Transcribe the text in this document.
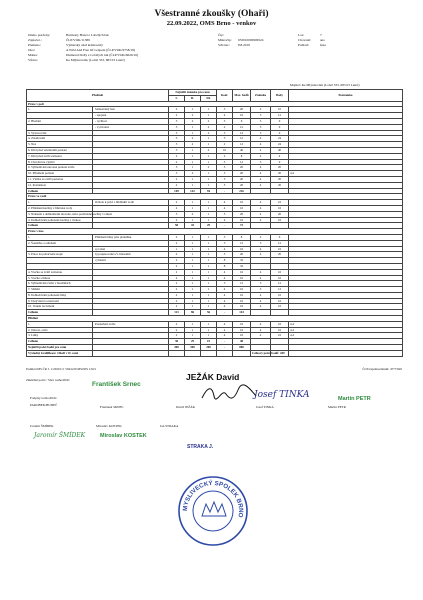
Všestranné zkoušky (Ohaři)
22.09.2022, OMS Brno - venkov
Jméno psa/feny:	Harmony Hazel z Lobzlých luk
Zápis/tet.:	ČLP/VOK/11389
Plemeno:	Výmarský ohař krátkosrstý
Otec:	A Wild And Free Of Golpein (ČLP/VOK/9758/18)
Matka:	Diamond Dolly z Lobzlých luk (ČLP/VOK/6620/16)
Vůdce:	Ke Mlýnnovám, (Lobzl 333, 683 03 Luleč)
Čip:
Mikročip:	953010000906524
Vrh/nar.:	8.8.2019
Los:	7
Chovatel:	ano
Pohlaví:	fena
Majitel: Ke Mlýnnovám (Lobzl 333, 683 03 Luleč)
Předmět		Nejnižší známka pro cenu			Koef.	Max. bodů	Známka	Body	Poznámka
		I.	II.	III.					
Práce v poli									
1.	Samostatný hon	2	1	1	3	20	2	10	
	- spojené	2	2	1	4	16	3	12	
2. Hledání	- rychlost	3	2	2	3	6	3	9	
	- vytrvalost	3	1	2	2	12	3	9	
3. Vystavování		3	1	2	3	12	3	9	
4. Zatahování		3	2	1	3	12	4	24	
5. Nos		3	2	1	2	12	4	24	
6. Klid před vzlétnutím pernaté		3	1	2	10	40	4	40	
7. Klid před zvěří srstnatou		2	1	1	2	8	2	4	
8. Chování na výstřel		2	1	1	3	12	3	9	
9. Vyhledávání ulovené pernaté zvěře		3	1	2	5	20	4	20	
10. Přinášení pernaté		3	2	1	5	20	4	20	4,4
11. Vlečka se zvěří pernatou		2	1	1	5	20	4	20	
12. Poslušnost		2	1	1	5	20	4	20	
Celkem		109	142	94	-	216			
Práce ve vodě									
1.	Ochota k práci s hlídáním vodě	2	1	1	4	16	4	16	
2. Přinášení kachny z hluboké vody		2	1	1	4	16	4	16	
3. Nalezení a dohledávání ulovené, nebo postřelené kachny v rákosí		3	2	1	5	20	4	20	
4. Dohledávání pohozené kachny s vlekou		2	1	1	4	16	4	16	
Celkem		58	43	29	-	72			
Práce v lese									
1.	Přinášení lišky přes překážku	2	1	1	3	8	2	6	
2. Šoulačka a odložení		2	1	1	3	12	3	12	
	a) volně	1	1	1	4	16	4	16	
3. Práce na pobarvené stopě	b) pospisované s/v. hlasením	2	1	1	5	20	4	20	
	c) hlasiti	2	1	1	8	32			
		2	1	1	8	32			
4. Vlečka se zvěří srstnatou		2	1	1	4	16	4	16	
5. Vlečka s liškou		2	1	1	4	16	4	16	
6. Vyhledávání zvěře v houštinách		2	1	1	3	12	3	12	
7. Slídění		2	1	1	4	16	3	12	
8. Dohledávání pohozené lišky		2	1	1	4	16	4	16	
9. Ukrývání na zastavení		2	1	1	4	16	4	16	
10. Vedení na řemeni		2	1	1	4	16	4	16	
Celkem		113	86	56	-	144			
Hlídání									
1.	Ponaúčení zvěře	2	1	1	4	16	4	16	4,4
2. Ostrost, ostře		2	1	1	4	16	4	16	4,4
3. Lišky		2	1	1	4	16	4	16	4,4
Celkem		38	29	19	-	48			
Nejnižší počet bodů pro cenu		400	300	200	-	880			
Výsledný kvalifikace: Ohaři v II. ceně							Celkový počet bodů: 449		
Podklad MS ČR č. 1/2020 LJ; 504/4/20 MSZOS 1/621	ČLP/zapsáno/datum: 4777/026
Zkušební počet / Sbor rozhodčích:
Podpisy rozhodčích:
PAROBEK/HUDEČ
František Srnec
JEŽÁK David
Josef TINKA	Martin PETR
Frantisek SRNEC	David JEŽÁK	Josef TINKA	Martin PETR
Jaromír ŠMÍDEK	Miroslav KOSTEK	Jan STRAKA
Jaromír ŠMÍDEK	Miroslav KOSTEK
STRAKA J.
MYSLIVECKÝ SPOLEK BRNO
